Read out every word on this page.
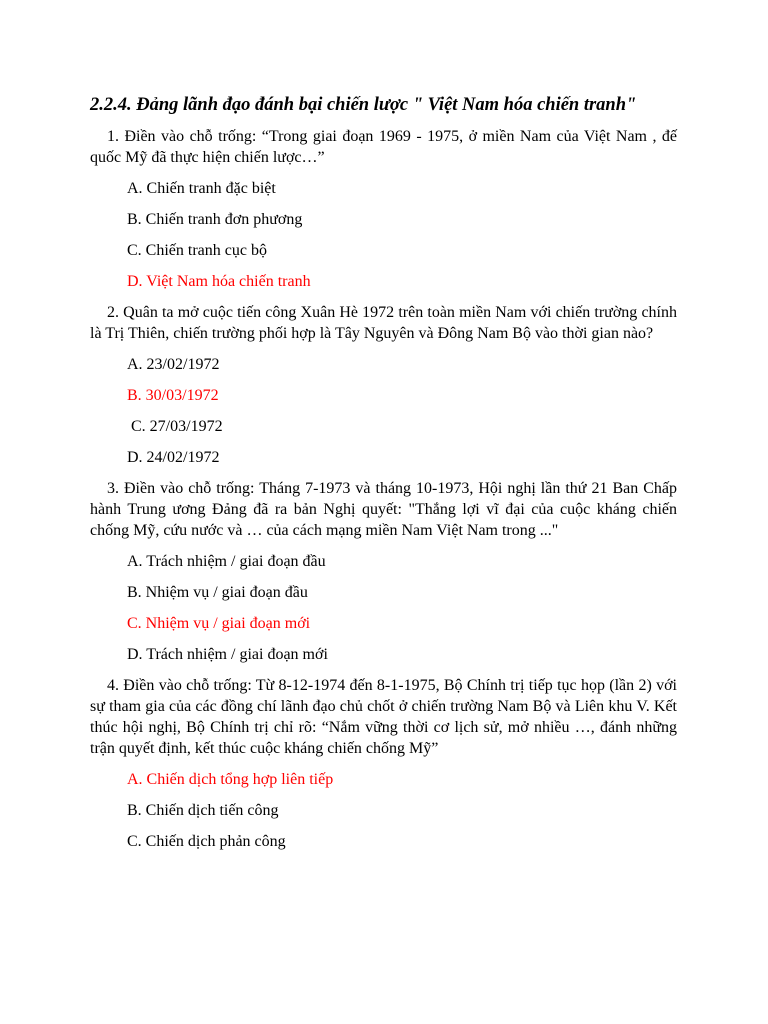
2.2.4. Đảng lãnh đạo đánh bại chiến lược " Việt Nam hóa chiến tranh"

1. Điền vào chỗ trống: “Trong giai đoạn 1969 - 1975, ở miền Nam của Việt Nam , đế quốc Mỹ đã thực hiện chiến lược…”

A. Chiến tranh đặc biệt

B. Chiến tranh đơn phương

C. Chiến tranh cục bộ

D. Việt Nam hóa chiến tranh

2. Quân ta mở cuộc tiến công Xuân Hè 1972 trên toàn miền Nam với chiến trường chính là Trị Thiên, chiến trường phối hợp là Tây Nguyên và Đông Nam Bộ vào thời gian nào?

A. 23/02/1972

B. 30/03/1972

C. 27/03/1972

D. 24/02/1972

3. Điền vào chỗ trống: Tháng 7-1973 và tháng 10-1973, Hội nghị lần thứ 21 Ban Chấp hành Trung ương Đảng đã ra bản Nghị quyết: "Thắng lợi vĩ đại của cuộc kháng chiến chống Mỹ, cứu nước và … của cách mạng miền Nam Việt Nam trong ..."

A. Trách nhiệm / giai đoạn đầu

B. Nhiệm vụ / giai đoạn đầu

C. Nhiệm vụ / giai đoạn mới

D. Trách nhiệm / giai đoạn mới

4. Điền vào chỗ trống: Từ 8-12-1974 đến 8-1-1975, Bộ Chính trị tiếp tục họp (lần 2) với sự tham gia của các đồng chí lãnh đạo chủ chốt ở chiến trường Nam Bộ và Liên khu V. Kết thúc hội nghị, Bộ Chính trị chỉ rõ: “Nắm vững thời cơ lịch sử, mở nhiều …, đánh những trận quyết định, kết thúc cuộc kháng chiến chống Mỹ”

A. Chiến dịch tổng hợp liên tiếp

B. Chiến dịch tiến công

C. Chiến dịch phản công
